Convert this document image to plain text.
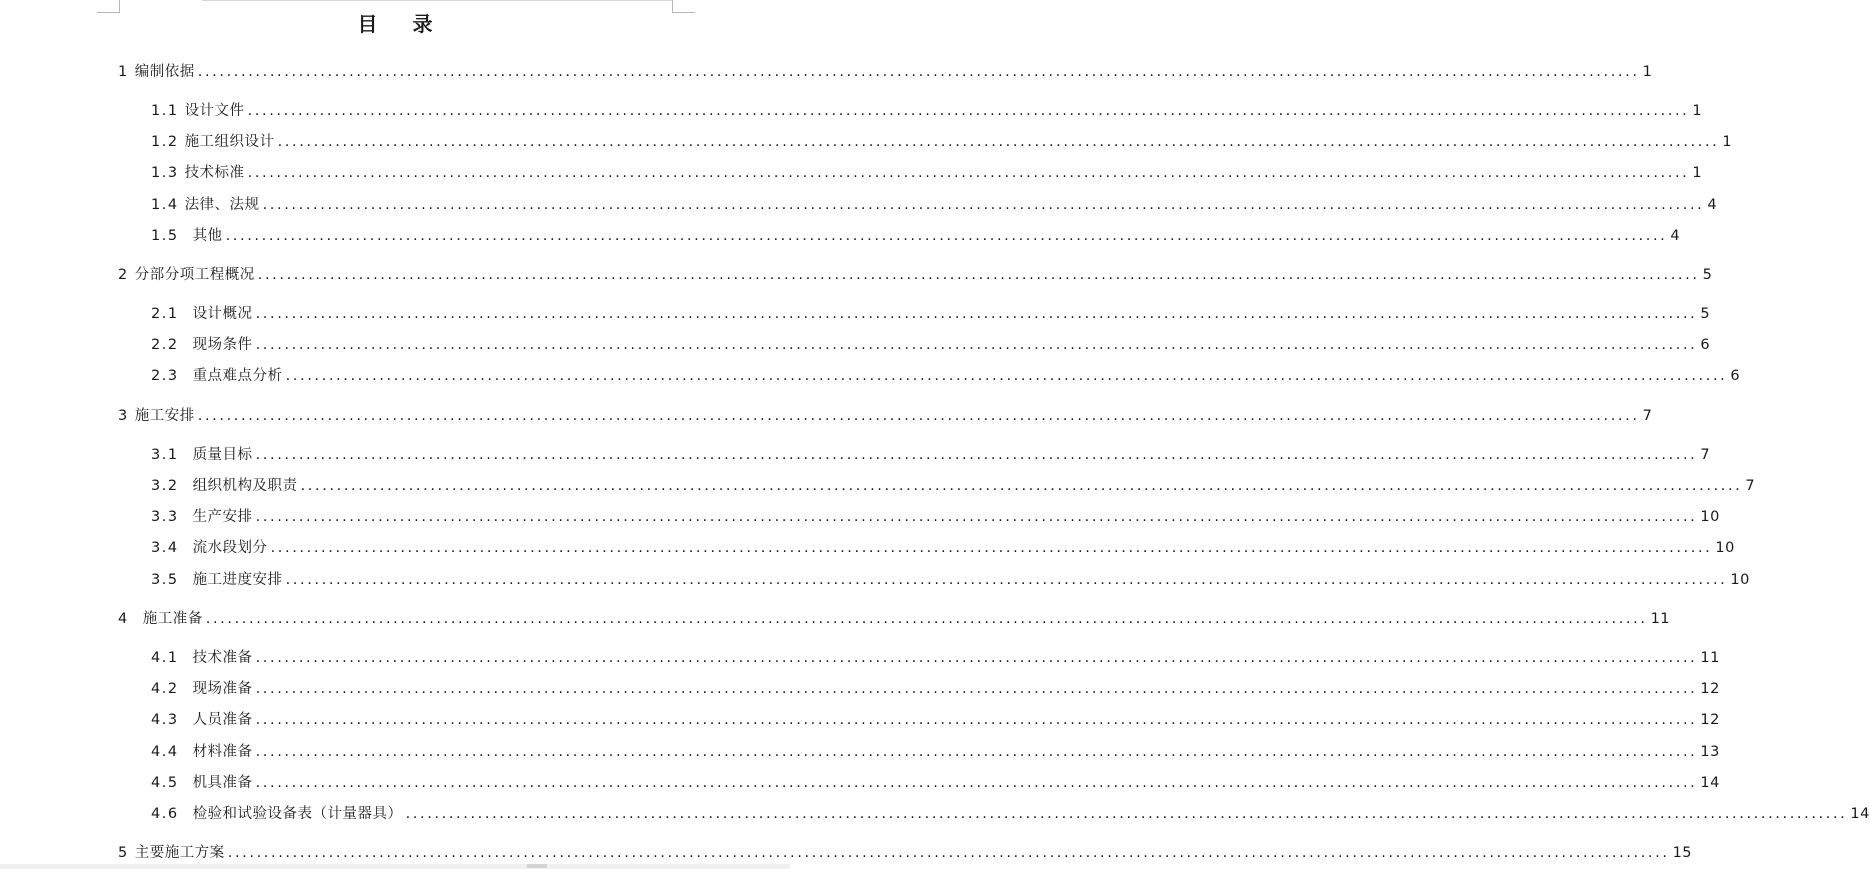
目 录
1 编制依据 ........................................................................................................................................................................................................ 1
1.1 设计文件 ........................................................................................................................................................................................................ 1
1.2 施工组织设计 ........................................................................................................................................................................................................ 1
1.3 技术标准 ........................................................................................................................................................................................................ 1
1.4 法律、法规 ........................................................................................................................................................................................................ 4
1.5 其他 ........................................................................................................................................................................................................ 4
2 分部分项工程概况 ........................................................................................................................................................................................................ 5
2.1 设计概况 ........................................................................................................................................................................................................ 5
2.2 现场条件 ........................................................................................................................................................................................................ 6
2.3 重点难点分析 ........................................................................................................................................................................................................ 6
3 施工安排 ........................................................................................................................................................................................................ 7
3.1 质量目标 ........................................................................................................................................................................................................ 7
3.2 组织机构及职责 ........................................................................................................................................................................................................ 7
3.3 生产安排 ........................................................................................................................................................................................................ 10
3.4 流水段划分 ........................................................................................................................................................................................................ 10
3.5 施工进度安排 ........................................................................................................................................................................................................ 10
4 施工准备 ........................................................................................................................................................................................................ 11
4.1 技术准备 ........................................................................................................................................................................................................ 11
4.2 现场准备 ........................................................................................................................................................................................................ 12
4.3 人员准备 ........................................................................................................................................................................................................ 12
4.4 材料准备 ........................................................................................................................................................................................................ 13
4.5 机具准备 ........................................................................................................................................................................................................ 14
4.6 检验和试验设备表（计量器具） ........................................................................................................................................................................................................ 14
5 主要施工方案 ........................................................................................................................................................................................................ 15
